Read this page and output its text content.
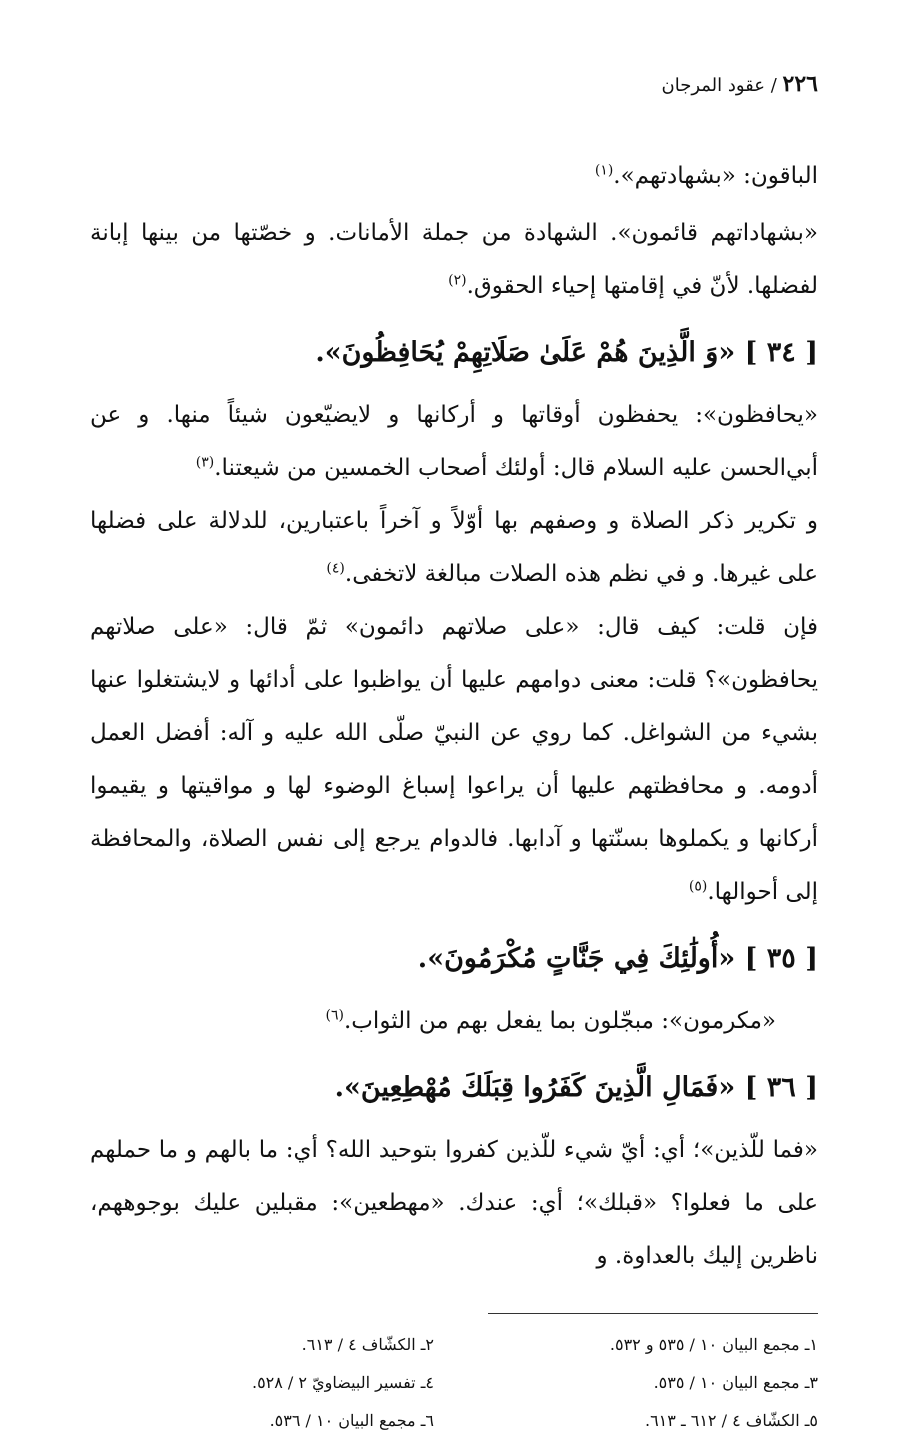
٢٢٦ / عقود المرجان

الباقون: «بشهادتهم».$^{(١)}$

«بشهاداتهم قائمون». الشهادة من جملة الأمانات. و خصّتها من بينها إبانة لفضلها. لأنّ في إقامتها إحياء الحقوق.$^{(٢)}$

[ ٣٤ ] «وَ الَّذِينَ هُمْ عَلَىٰ صَلَاتِهِمْ يُحَافِظُونَ».

«يحافظون»: يحفظون أوقاتها و أركانها و لايضيّعون شيئاً منها. و عن أبي‌الحسن عليه السلام قال: أولئك أصحاب الخمسين من شيعتنا.$^{(٣)}$

و تكرير ذكر الصلاة و وصفهم بها أوّلاً و آخراً باعتبارين، للدلالة على فضلها على غيرها. و في نظم هذه الصلات مبالغة لاتخفى.$^{(٤)}$

فإن قلت: كيف قال: «على صلاتهم دائمون» ثمّ قال: «على صلاتهم يحافظون»؟ قلت: معنى دوامهم عليها أن يواظبوا على أدائها و لايشتغلوا عنها بشيء من الشواغل. كما روي عن النبيّ صلّى الله عليه و آله: أفضل العمل أدومه. و محافظتهم عليها أن يراعوا إسباغ الوضوء لها و مواقيتها و يقيموا أركانها و يكملوها بسنّتها و آدابها. فالدوام يرجع إلى نفس الصلاة، والمحافظة إلى أحوالها.$^{(٥)}$

[ ٣٥ ] «أُولَٰئِكَ فِي جَنَّاتٍ مُكْرَمُونَ».

«مكرمون»: مبجّلون بما يفعل بهم من الثواب.$^{(٦)}$

[ ٣٦ ] «فَمَالِ الَّذِينَ كَفَرُوا قِبَلَكَ مُهْطِعِينَ».

«فما للّذين»؛ أي: أيّ شيء للّذين كفروا بتوحيد الله؟ أي: ما بالهم و ما حملهم على ما فعلوا؟ «قبلك»؛ أي: عندك. «مهطعين»: مقبلين عليك بوجوههم، ناظرين إليك بالعداوة. و

١ـ مجمع البيان ١٠ / ٥٣٥ و ٥٣٢.
٢ـ الكشّاف ٤ / ٦١٣.
٣ـ مجمع البيان ١٠ / ٥٣٥.
٤ـ تفسير البيضاويّ ٢ / ٥٢٨.
٥ـ الكشّاف ٤ / ٦١٢ ـ ٦١٣.
٦ـ مجمع البيان ١٠ / ٥٣٦.
